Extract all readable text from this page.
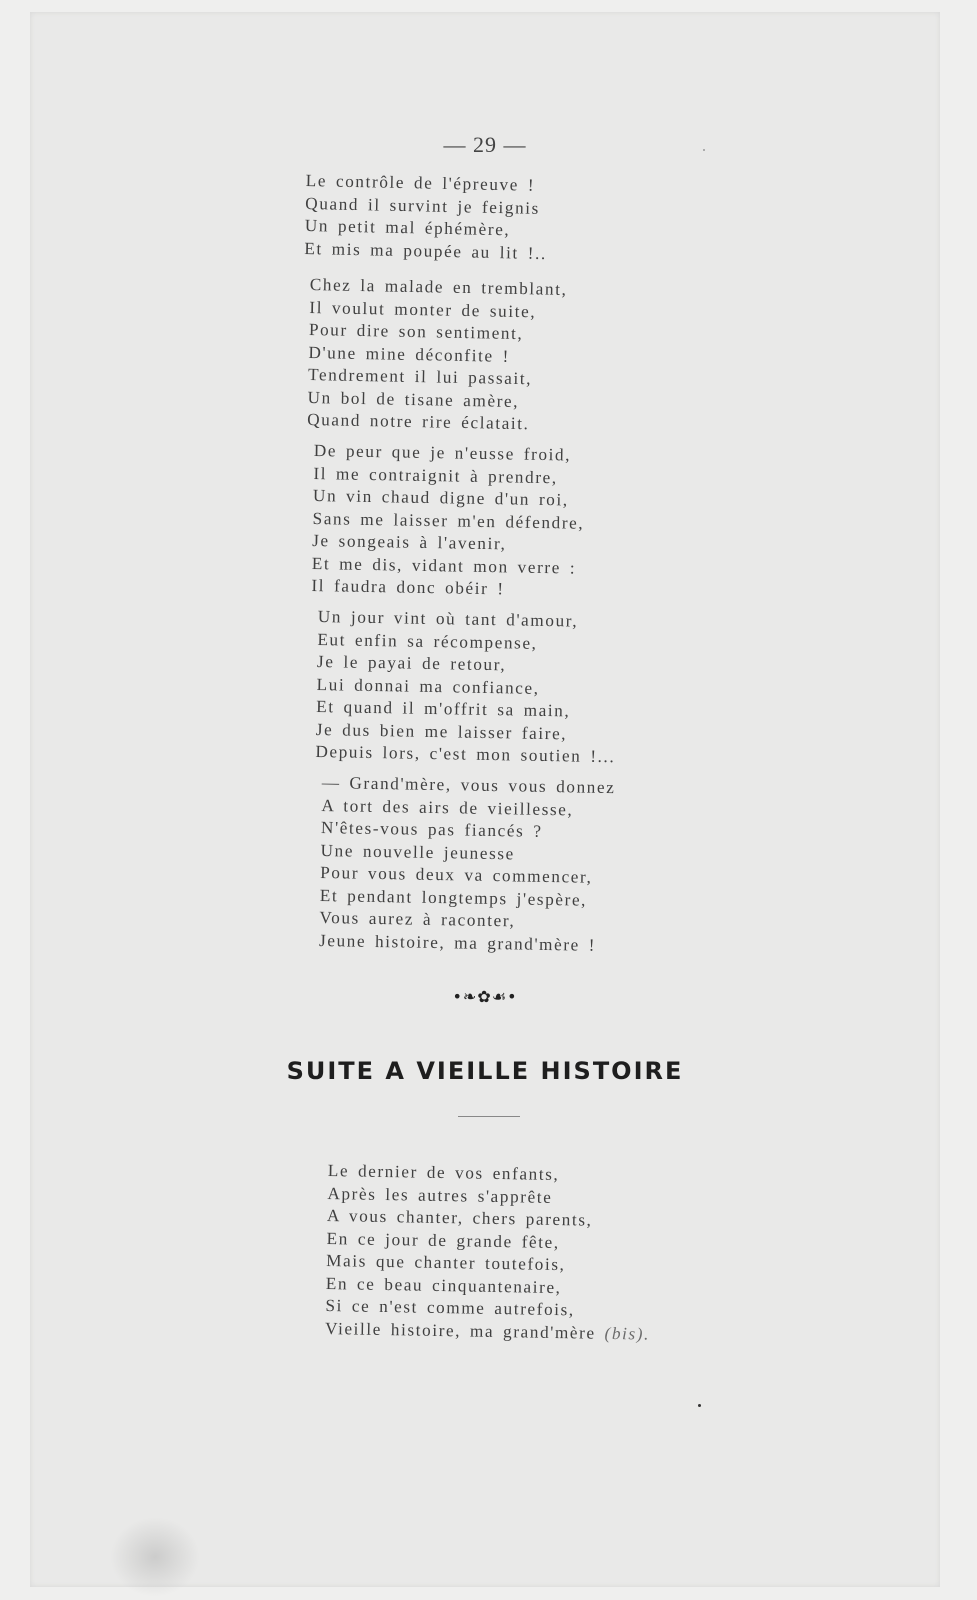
— 29 —
Le contrôle de l'épreuve !
Quand il survint je feignis
Un petit mal éphémère,
Et mis ma poupée au lit !..
Chez la malade en tremblant,
Il voulut monter de suite,
Pour dire son sentiment,
D'une mine déconfite !
Tendrement il lui passait,
Un bol de tisane amère,
Quand notre rire éclatait.
De peur que je n'eusse froid,
Il me contraignit à prendre,
Un vin chaud digne d'un roi,
Sans me laisser m'en défendre,
Je songeais à l'avenir,
Et me dis, vidant mon verre :
Il faudra donc obéir !
Un jour vint où tant d'amour,
Eut enfin sa récompense,
Je le payai de retour,
Lui donnai ma confiance,
Et quand il m'offrit sa main,
Je dus bien me laisser faire,
Depuis lors, c'est mon soutien !...
— Grand'mère, vous vous donnez
A tort des airs de vieillesse,
N'êtes-vous pas fiancés ?
Une nouvelle jeunesse
Pour vous deux va commencer,
Et pendant longtemps j'espère,
Vous aurez à raconter,
Jeune histoire, ma grand'mère !
•❧✿☙•
SUITE A VIEILLE HISTOIRE
Le dernier de vos enfants,
Après les autres s'apprête
A vous chanter, chers parents,
En ce jour de grande fête,
Mais que chanter toutefois,
En ce beau cinquantenaire,
Si ce n'est comme autrefois,
Vieille histoire, ma grand'mère (bis).
